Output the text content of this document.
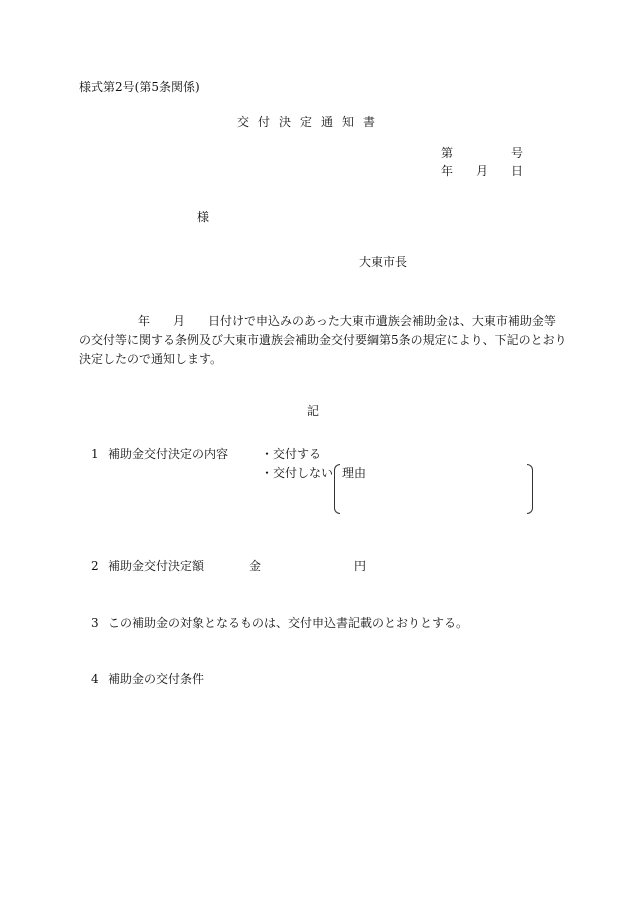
様式第2号(第5条関係)
交付決定通知書
第	号
年 月 日
様
大東市長
年 月 日付けで申込みのあった大東市遺族会補助金は、大東市補助金等
の交付等に関する条例及び大東市遺族会補助金交付要綱第5条の規定により、下記のとおり
決定したので通知します。
記
1 補助金交付決定の内容	・交付する
・交付しない 理由
2 補助金交付決定額	金	円
3 この補助金の対象となるものは、交付申込書記載のとおりとする。
4 補助金の交付条件
